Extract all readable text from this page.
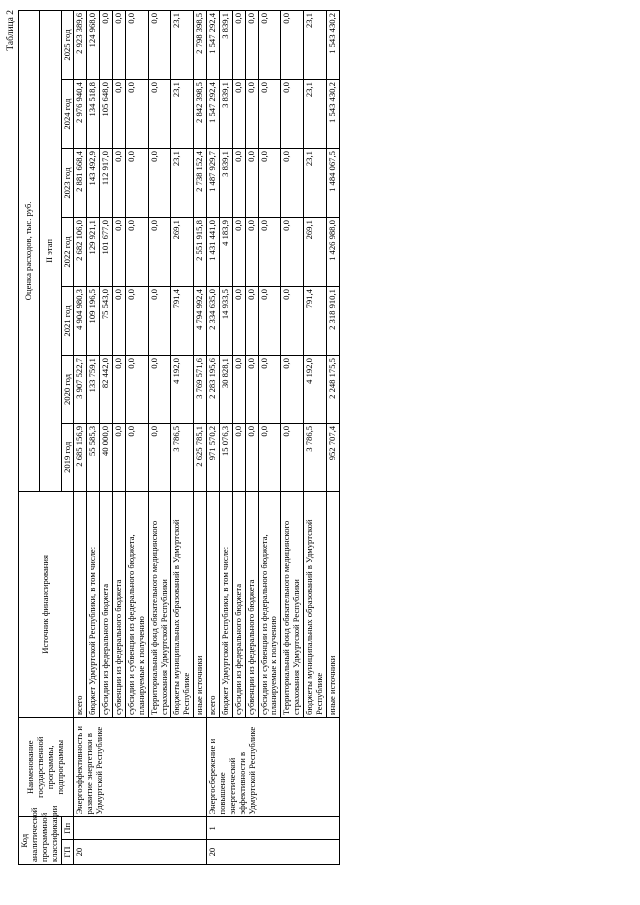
Таблица 2
Код аналитической программной классификации		Наименование государственной программы, подпрограммы	Источник финансирования	Оценка расходов, тыс. руб.						
				II этап						
ГП	Пп			2019 год	2020 год	2021 год	2022 год	2023 год	2024 год	2025 год
20		Энергоэффективность и развитие энергетики в Удмуртской Республике	всего	2 685 156,9	3 907 522,7	4 904 980,3	2 682 106,0	2 881 668,4	2 976 940,4	2 923 389,6
			бюджет Удмуртской Республики, в том числе:	55 585,3	133 759,1	109 196,5	129 921,1	143 492,9	134 518,8	124 968,0
			субсидии из федерального бюджета	40 000,0	82 442,0	75 543,0	101 677,0	112 917,0	105 648,0	0,0
			субвенции из федерального бюджета	0,0	0,0	0,0	0,0	0,0	0,0	0,0
			субсидии и субвенции из федерального бюджета, планируемые к получению	0,0	0,0	0,0	0,0	0,0	0,0	0,0
			Территориальный фонд обязательного медицинского страхования Удмуртской Республики	0,0	0,0	0,0	0,0	0,0	0,0	0,0
			бюджеты муниципальных образований в Удмуртской Республике	3 786,5	4 192,0	791,4	269,1	23,1	23,1	23,1
			иные источники	2 625 785,1	3 769 571,6	4 794 992,4	2 551 915,8	2 738 152,4	2 842 398,5	2 798 398,5
20	1	Энергосбережение и повышение энергетической эффективности в Удмуртской Республике	всего	971 570,2	2 283 195,6	2 334 635,0	1 431 441,0	1 487 929,7	1 547 292,4	1 547 292,4
			бюджет Удмуртской Республики, в том числе:	15 076,3	30 828,1	14 933,5	4 183,9	3 839,1	3 839,1	3 839,1
			субсидии из федерального бюджета	0,0	0,0	0,0	0,0	0,0	0,0	0,0
			субвенции из федерального бюджета	0,0	0,0	0,0	0,0	0,0	0,0	0,0
			субсидии и субвенции из федерального бюджета, планируемые к получению	0,0	0,0	0,0	0,0	0,0	0,0	0,0
			Территориальный фонд обязательного медицинского страхования Удмуртской Республики	0,0	0,0	0,0	0,0	0,0	0,0	0,0
			бюджеты муниципальных образований в Удмуртской Республике	3 786,5	4 192,0	791,4	269,1	23,1	23,1	23,1
			иные источники	952 707,4	2 248 175,5	2 318 910,1	1 426 988,0	1 484 067,5	1 543 430,2	1 543 430,2
